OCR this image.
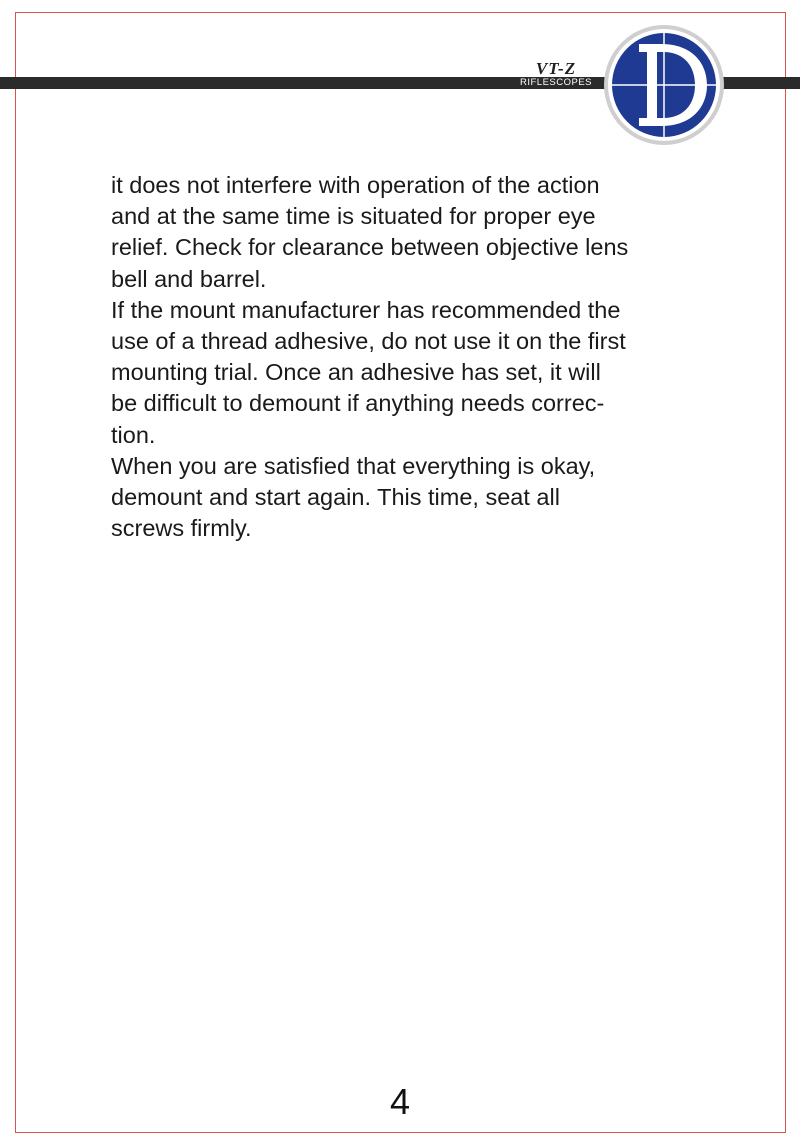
VT-Z
RIFLESCOPES

it does not interfere with operation of the action
and at the same time is situated for proper eye
relief. Check for clearance between objective lens
bell and barrel.

If the mount manufacturer has recommended the
use of a thread adhesive, do not use it on the first
mounting trial. Once an adhesive has set, it will
be difficult to demount if anything needs correc-
tion.

When you are satisfied that everything is okay,
demount and start again. This time, seat all
screws firmly.

4
